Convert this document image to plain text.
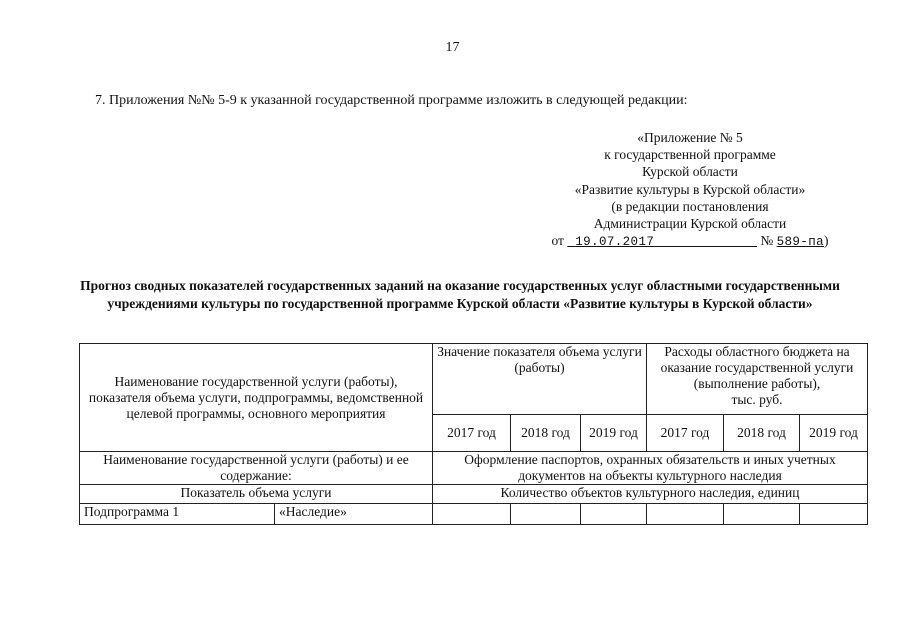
17
7. Приложения №№ 5-9 к указанной государственной программе изложить в следующей редакции:
«Приложение № 5
к государственной программе
Курской области
«Развитие культуры в Курской области»
(в редакции постановления
Администрации Курской области
от 19.07.2017	№ 589-па)
Прогноз сводных показателей государственных заданий на оказание государственных услуг областными государственными учреждениями культуры по государственной программе Курской области «Развитие культуры в Курской области»
Наименование государственной услуги (работы), показателя объема услуги, подпрограммы, ведомственной целевой программы, основного мероприятия		Значение показателя объема услуги (работы)			Расходы областного бюджета на оказание государственной услуги (выполнение работы),
тыс. руб.		
		2017 год	2018 год	2019 год	2017 год	2018 год	2019 год
Наименование государственной услуги (работы) и ее содержание:		Оформление паспортов, охранных обязательств и иных учетных документов на объекты культурного наследия					
Показатель объема услуги		Количество объектов культурного наследия, единиц					
Подпрограмма 1	«Наследие»						
